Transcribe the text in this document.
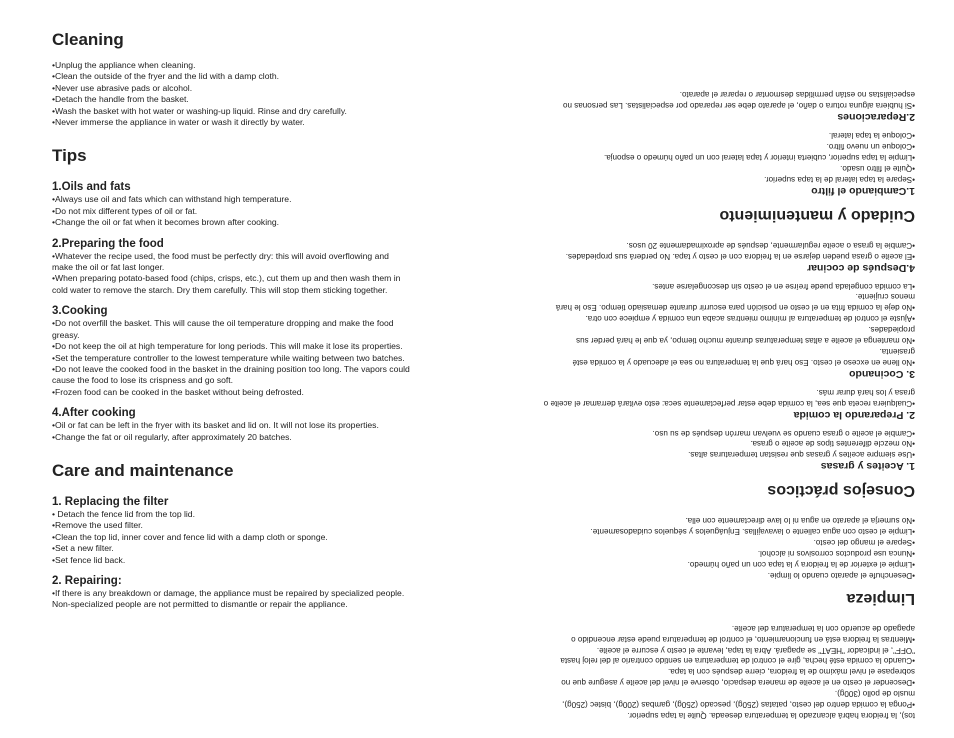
Cleaning

•Unplug the appliance when cleaning.

•Clean the outside of the fryer and the lid with a damp cloth.

•Never use abrasive pads or alcohol.

•Detach the handle from the basket.

•Wash the basket with hot water or washing-up liquid. Rinse and dry carefully.

•Never immerse the appliance in water or wash it directly by water.

Tips
1.Oils and fats

•Always use oil and fats which can withstand high temperature.

•Do not mix different types of oil or fat.

•Change the oil or fat when it becomes brown after cooking.

2.Preparing the food

•Whatever the recipe used, the food must be perfectly dry: this will avoid overflowing and make the oil or fat last longer.

•When preparing potato-based food (chips, crisps, etc.), cut them up and then wash them in cold water to remove the starch. Dry them carefully. This will stop them sticking together.

3.Cooking

•Do not overfill the basket. This will cause the oil temperature dropping and make the food greasy.

•Do not keep the oil at high temperature for long periods. This will make it lose its properties.

•Set the temperature controller to the lowest temperature while waiting between two batches.

•Do not leave the cooked food in the basket in the draining position too long. The vapors could cause the food to lose its crispness and go soft.

•Frozen food can be cooked in the basket without being defrosted.

4.After cooking

•Oil or fat can be left in the fryer with its basket and lid on. It will not lose its properties.

•Change the fat or oil regularly, after approximately 20 batches.

Care and maintenance
1. Replacing the filter

• Detach the fence lid from the top lid.

•Remove the used filter.

•Clean the top lid, inner cover and fence lid with a damp cloth or sponge.

•Set a new filter.

•Set fence lid back.

2. Repairing:

•If there is any breakdown or damage, the appliance must be repaired by specialized people. Non-specialized people are not permitted to dismantle or repair the appliance.

tos), la freidora habrá alcanzado la temperatura deseada. Quite la tapa superior.

•Ponga la comida dentro del cesto, patatas (250g), pescado (250g), gambas (200g), bistec (250g), muslo de pollo (300g).

•Descender el cesto en el aceite de manera despacio, observe el nivel del aceite y asegure que no sobrepase el nivel máximo de la freidora, cierre después con la tapa.

•Cuando la comida esté hecha, gire el control de temperatura en sentido contrario al del reloj hasta "OFF", el indicador "HEAT" se apagará. Abra la tapa, levante el cesto y escurre el aceite.

•Mientras la freidora está en funcionamiento, el control de temperatura puede estar encendido o apagado de acuerdo con la temperatura del aceite.

Limpieza

•Desenchufe el aparato cuando lo limpie.

•Limpie el exterior de la freidora y la tapa con un paño húmedo.

•Nunca use productos corrosivos ni alcohol.

•Separe el mango del cesto.

•Limpie el cesto con agua caliente o lavavajillas. Enjuáguelos y séquelos cuidadosamente.

•No sumerja el aparato en agua ni lo lave directamente con ella.

Consejos prácticos
1. Aceites y grasas

•Use siempre aceites y grasas que resistan temperaturas altas.

•No mezcle diferentes tipos de aceite o grasa.

•Cambie el aceite o grasa cuando se vuelvan marrón después de su uso.

2. Preparando la comida

•Cualquiera receta que sea, la comida debe estar perfectamente seca: esto evitará derramar el aceite o grasa y los hará durar más.

3. Cocinando

•No llene en exceso el cesto. Eso hará que la temperatura no sea el adecuado y la comida esté grasienta.

•No mantenga el aceite a altas temperaturas durante mucho tiempo, ya que le hará perder sus propiedades.

•Ajuste el control de temperatura al mínimo mientras acaba una comida y empiece con otra.

•No deje la comida frita en el cesto en posición para escurrir durante demasiado tiempo. Eso le hará menos crujiente.

•La comida congelada puede freírse en el cesto sin descongelarse antes.

4.Después de cocinar

•El aceite o grasa pueden dejarse en la freidora con el cesto y tapa. No perderá sus propiedades.

•Cambie la grasa o aceite regularmente, después de aproximadamente 20 usos.

Cuidado y mantenimiento
1.Cambiando el filtro

•Separe la tapa lateral de la tapa superior.

•Quite el filtro usado.

•Limpie la tapa superior, cubierta interior y tapa lateral con un paño húmedo o esponja.

•Coloque un nuevo filtro.

•Coloque la tapa lateral.

2.Reparaciones

•Si hubiera alguna rotura o daño, el aparato debe ser reparado por especialistas. Las personas no especialistas no están permitidas desmontar o reparar el aparato.
